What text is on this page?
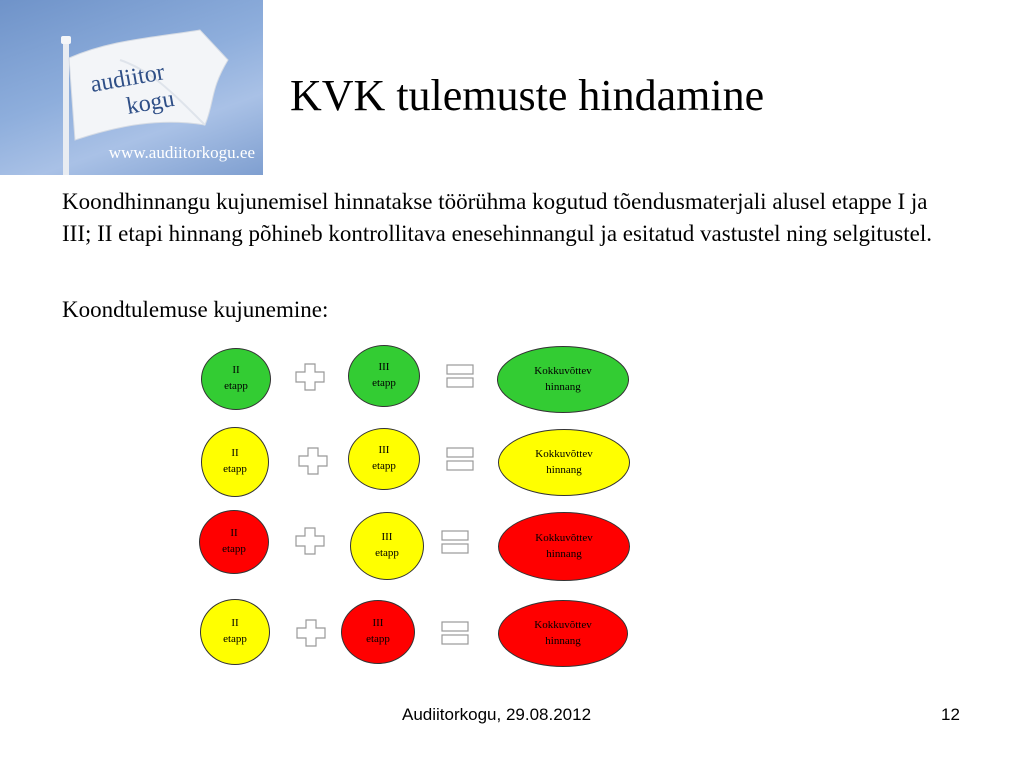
audiitor
kogu
www.audiitorkogu.ee
KVK tulemuste hindamine

Koondhinnangu kujunemisel hinnatakse töörühma kogutud tõendusmaterjali alusel etappe I ja III; II etapi hinnang põhineb kontrollitava enesehinnangul ja esitatud vastustel ning selgitustel.

Koondtulemuse kujunemine:

II
etapp
III
etapp
Kokkuvõttev
hinnang
II
etapp
III
etapp
Kokkuvõttev
hinnang
II
etapp
III
etapp
Kokkuvõttev
hinnang
II
etapp
III
etapp
Kokkuvõttev
hinnang
Audiitorkogu, 29.08.2012	12
